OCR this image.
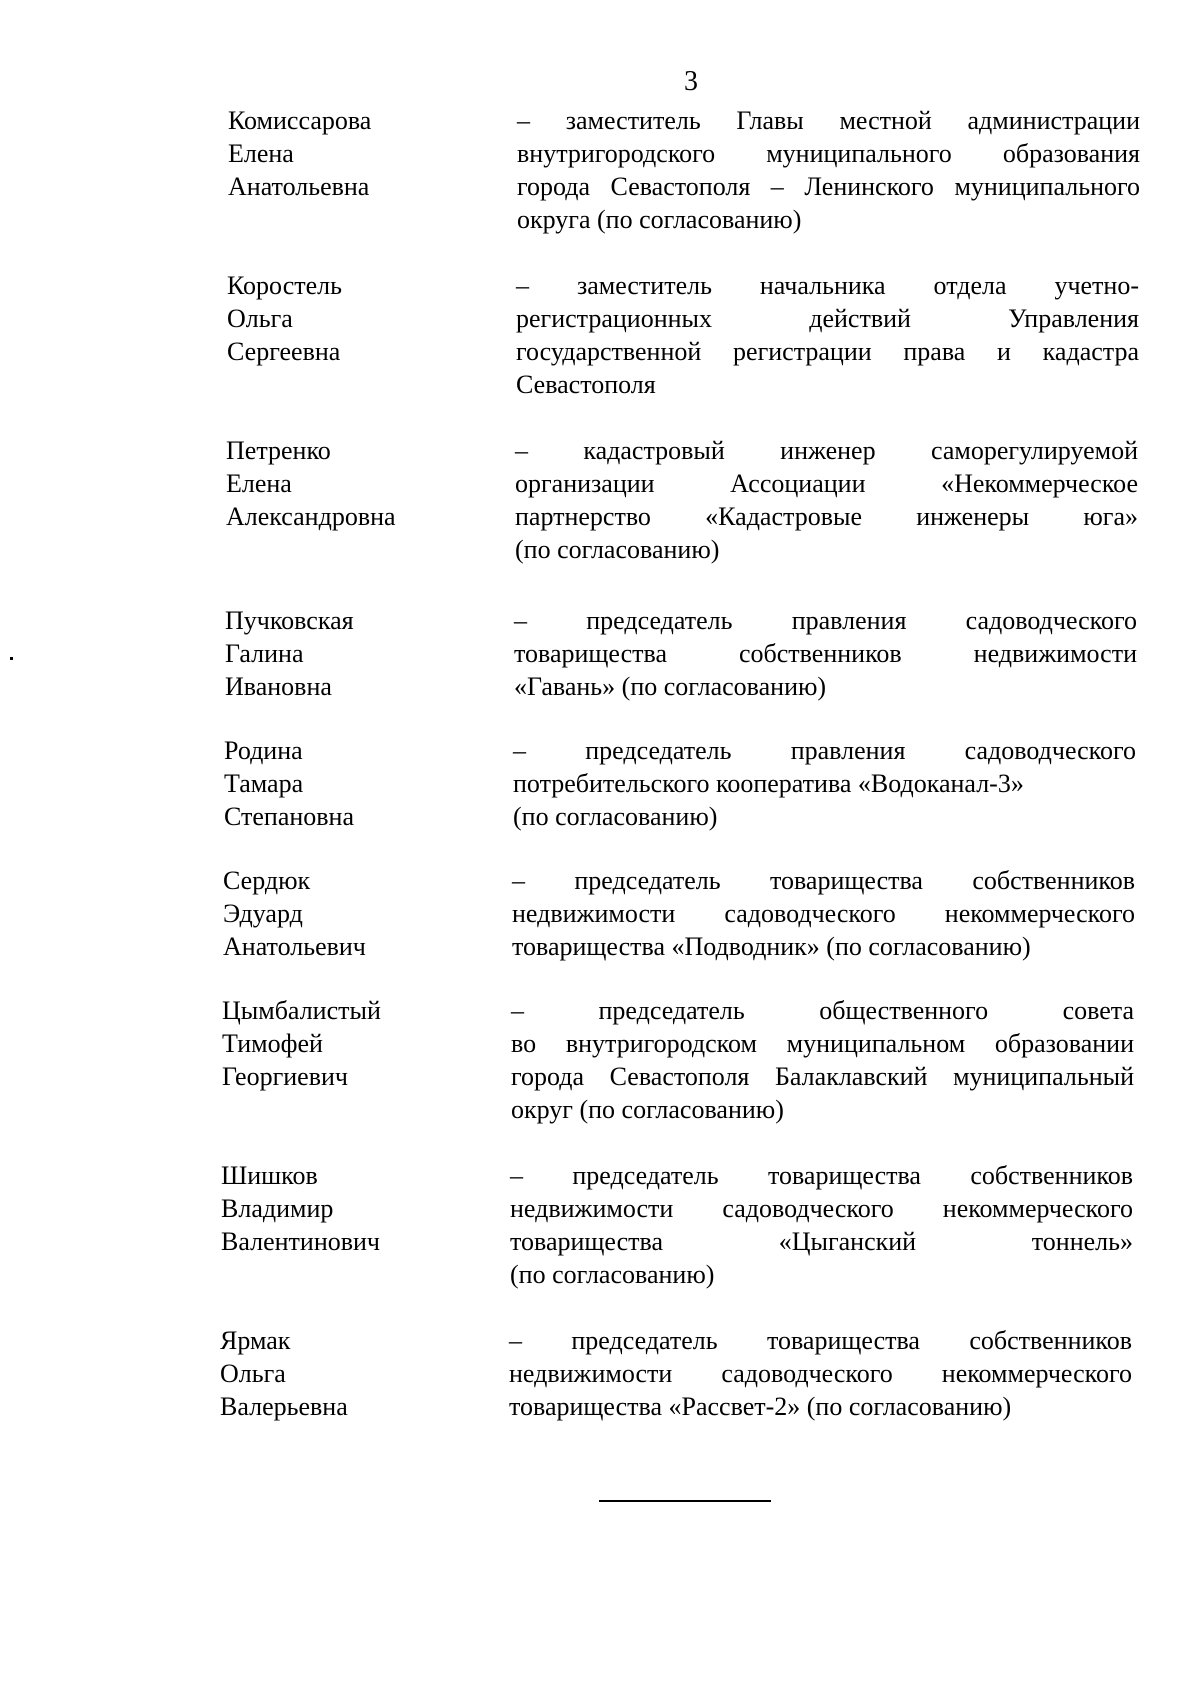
3
Комиссарова
Елена
Анатольевна
– заместитель Главы местной администрации
внутригородского муниципального образования
города Севастополя – Ленинского муниципального
округа (по согласованию)
Коростель
Ольга
Сергеевна
– заместитель начальника отдела учетно-
регистрационных действий Управления
государственной регистрации права и кадастра
Севастополя
Петренко
Елена
Александровна
– кадастровый инженер саморегулируемой
организации Ассоциации «Некоммерческое
партнерство «Кадастровые инженеры юга»
(по согласованию)
Пучковская
Галина
Ивановна
– председатель правления садоводческого
товарищества собственников недвижимости
«Гавань» (по согласованию)
Родина
Тамара
Степановна
– председатель правления садоводческого
потребительского кооператива «Водоканал-3»
(по согласованию)
Сердюк
Эдуард
Анатольевич
– председатель товарищества собственников
недвижимости садоводческого некоммерческого
товарищества «Подводник» (по согласованию)
Цымбалистый
Тимофей
Георгиевич
– председатель общественного совета
во внутригородском муниципальном образовании
города Севастополя Балаклавский муниципальный
округ (по согласованию)
Шишков
Владимир
Валентинович
– председатель товарищества собственников
недвижимости садоводческого некоммерческого
товарищества «Цыганский тоннель»
(по согласованию)
Ярмак
Ольга
Валерьевна
– председатель товарищества собственников
недвижимости садоводческого некоммерческого
товарищества «Рассвет-2» (по согласованию)
